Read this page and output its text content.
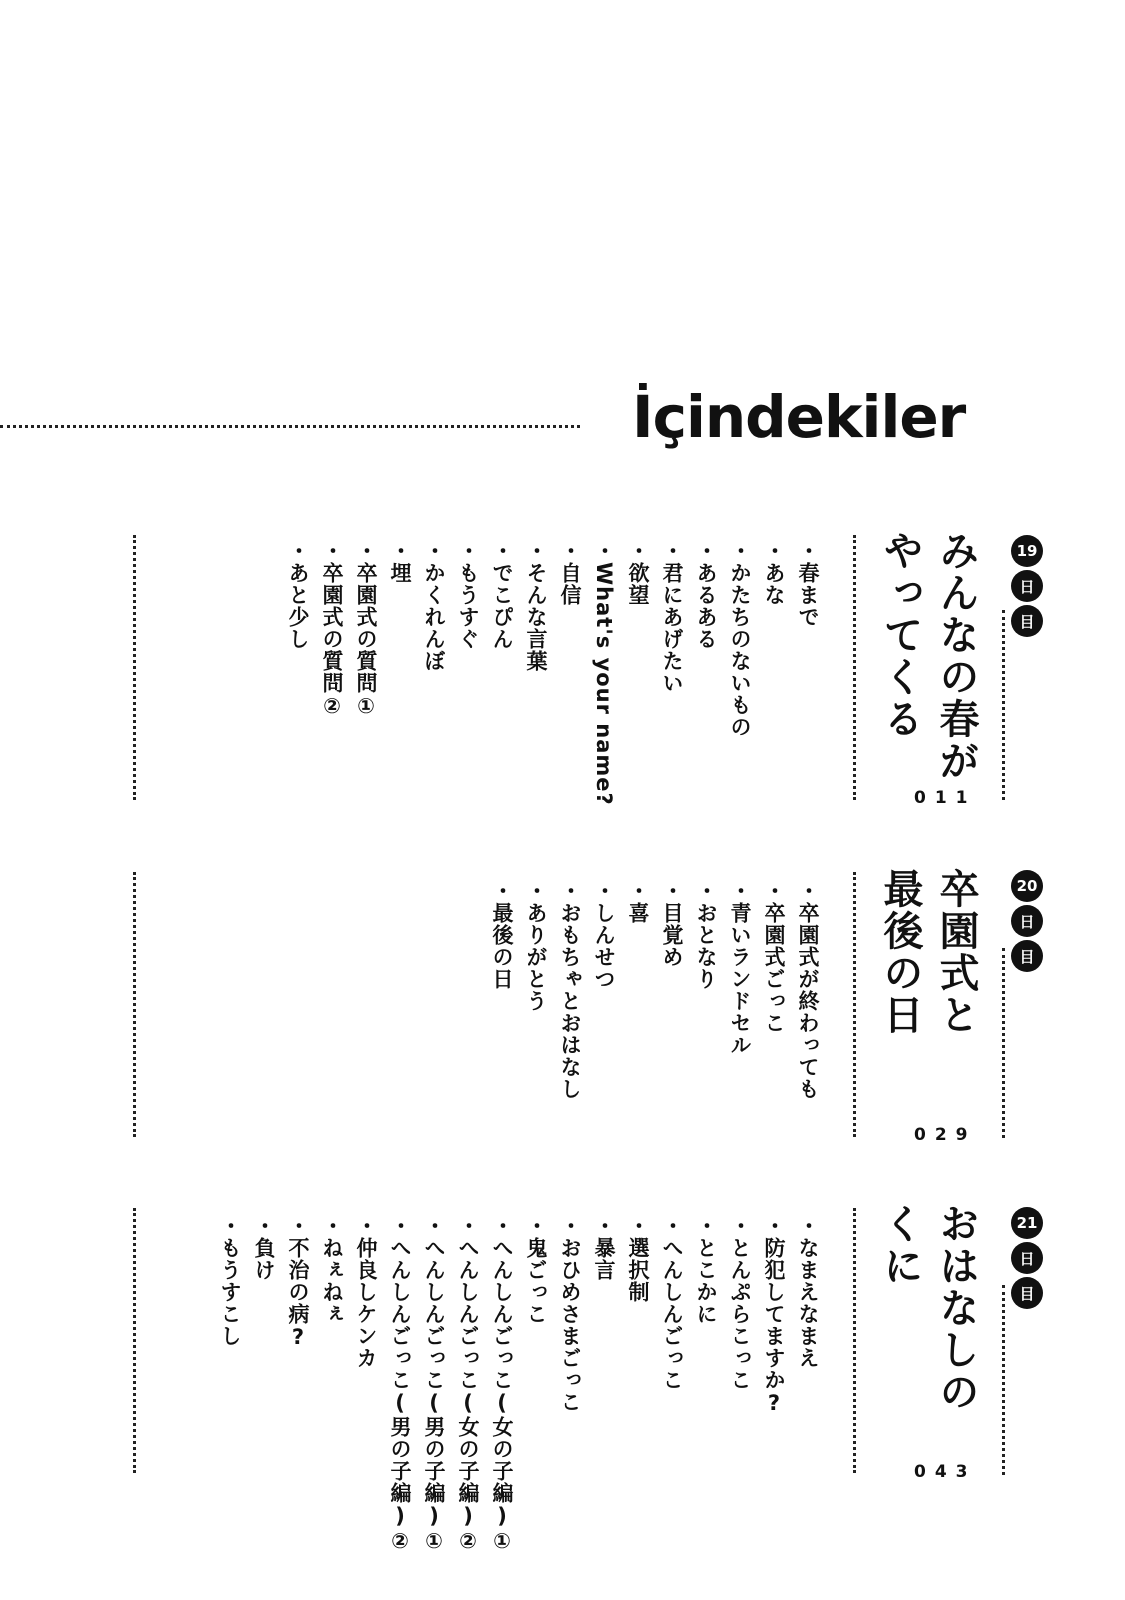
İçindekiler
19
日
目
みんなの春が
やってくる
011
・ 春まで
・ あな
・ かたちのないもの
・ あるある
・ 君にあげたい
・ 欲望
・ What's your name?
・ 自信
・ そんな言葉
・ でこぴん
・ もうすぐ
・ かくれんぼ
・ 埋
・ 卒園式の質問①
・ 卒園式の質問②
・ あと少し
20
日
目
卒園式と
最後の日
029
・ 卒園式が終わっても
・ 卒園式ごっこ
・ 青いランドセル
・ おとなり
・ 目覚め
・ 喜
・ しんせつ
・ おもちゃとおはなし
・ ありがとう
・ 最後の日
21
日
目
おはなしの
くに
043
・ なまえなまえ
・ 防犯してますか?
・ とんぷらこっこ
・ とこかに
・ へんしんごっこ
・ 選択制
・ 暴言
・ おひめさまごっこ
・ 鬼ごっこ
・ へんしんごっこ(女の子編)①
・ へんしんごっこ(女の子編)②
・ へんしんごっこ(男の子編)①
・ へんしんごっこ(男の子編)②
・ 仲良しケンカ
・ ねぇねぇ
・ 不治の病?
・ 負け
・ もうすこし
